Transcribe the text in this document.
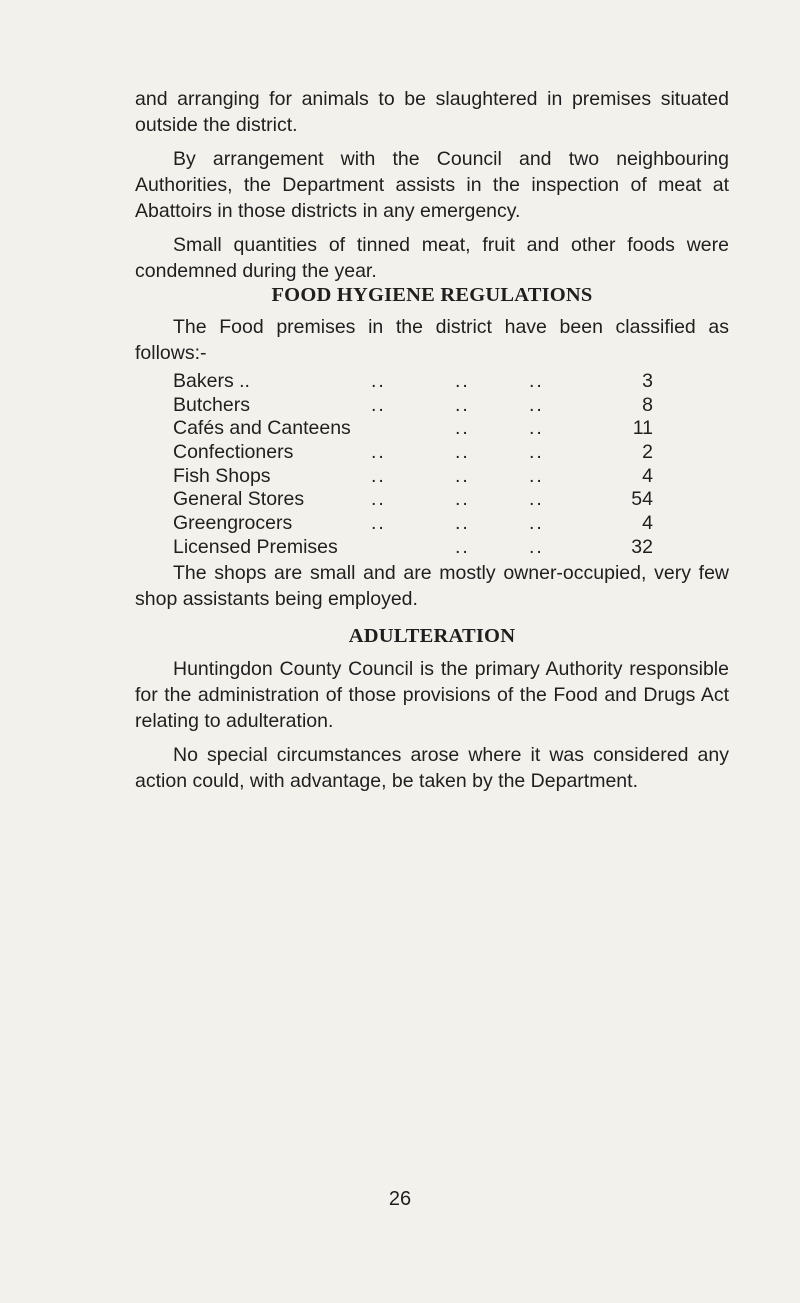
and arranging for animals to be slaughtered in premises situated outside the district.

By arrangement with the Council and two neighbouring Authorities, the Department assists in the inspection of meat at Abattoirs in those districts in any emergency.

Small quantities of tinned meat, fruit and other foods were condemned during the year.

FOOD HYGIENE REGULATIONS

The Food premises in the district have been classified as follows:-

Bakers ..	..	..	..	3
Butchers	..	..	..	8
Cafés and Canteens	..	..	11
Confectioners	..	..	..	2
Fish Shops	..	..	..	4
General Stores	..	..	..	54
Greengrocers	..	..	..	4
Licensed Premises	..	..	32

The shops are small and are mostly owner-occupied, very few shop assistants being employed.

ADULTERATION

Huntingdon County Council is the primary Authority responsible for the administration of those provisions of the Food and Drugs Act relating to adulteration.

No special circumstances arose where it was considered any action could, with advantage, be taken by the Department.

26
